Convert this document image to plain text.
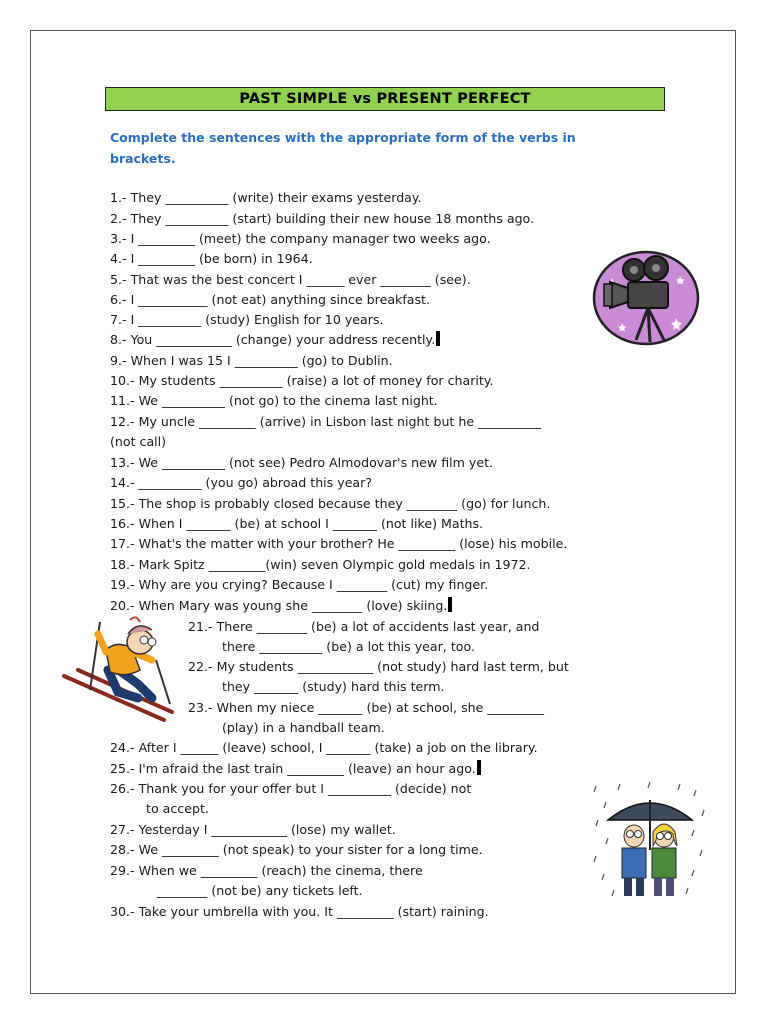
PAST SIMPLE vs PRESENT PERFECT
Complete the sentences with the appropriate form of the verbs in
brackets.
1.- They __________ (write) their exams yesterday.
2.- They __________ (start) building their new house 18 months ago.
3.- I _________ (meet) the company manager two weeks ago.
4.- I _________ (be born) in 1964.
5.- That was the best concert I ______ ever ________ (see).
6.- I ___________ (not eat) anything since breakfast.
7.- I __________ (study) English for 10 years.
8.- You ____________ (change) your address recently.
9.- When I was 15 I __________ (go) to Dublin.
10.- My students __________ (raise) a lot of money for charity.
11.- We __________ (not go) to the cinema last night.
12.- My uncle _________ (arrive) in Lisbon last night but he __________
(not call)
13.- We __________ (not see) Pedro Almodovar's new film yet.
14.- __________ (you go) abroad this year?
15.- The shop is probably closed because they ________ (go) for lunch.
16.- When I _______ (be) at school I _______ (not like) Maths.
17.- What's the matter with your brother? He _________ (lose) his mobile.
18.- Mark Spitz _________(win) seven Olympic gold medals in 1972.
19.- Why are you crying? Because I ________ (cut) my finger.
20.- When Mary was young she ________ (love) skiing.
21.- There ________ (be) a lot of accidents last year, and
there __________ (be) a lot this year, too.
22.- My students ____________ (not study) hard last term, but
they _______ (study) hard this term.
23.- When my niece _______ (be) at school, she _________
(play) in a handball team.
24.- After I ______ (leave) school, I _______ (take) a job on the library.
25.- I'm afraid the last train _________ (leave) an hour ago.
26.- Thank you for your offer but I __________ (decide) not
to accept.
27.- Yesterday I ____________ (lose) my wallet.
28.- We _________ (not speak) to your sister for a long time.
29.- When we _________ (reach) the cinema, there
________ (not be) any tickets left.
30.- Take your umbrella with you. It _________ (start) raining.
